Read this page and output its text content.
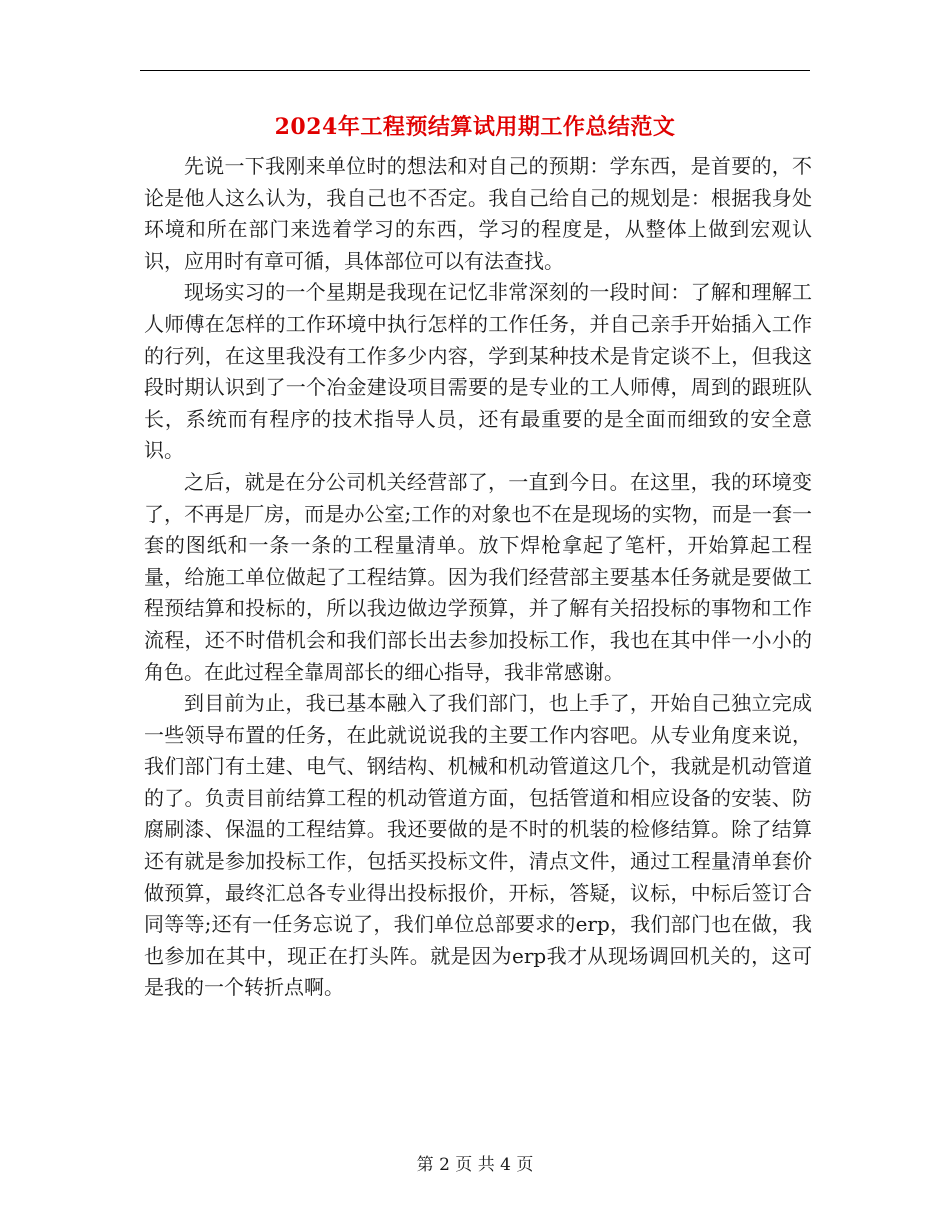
2024年工程预结算试用期工作总结范文

先说一下我刚来单位时的想法和对自己的预期：学东西，是首要的，不论是他人这么认为，我自己也不否定。我自己给自己的规划是：根据我身处环境和所在部门来选着学习的东西，学习的程度是，从整体上做到宏观认识，应用时有章可循，具体部位可以有法查找。

现场实习的一个星期是我现在记忆非常深刻的一段时间：了解和理解工人师傅在怎样的工作环境中执行怎样的工作任务，并自己亲手开始插入工作的行列，在这里我没有工作多少内容，学到某种技术是肯定谈不上，但我这段时期认识到了一个冶金建设项目需要的是专业的工人师傅，周到的跟班队长，系统而有程序的技术指导人员，还有最重要的是全面而细致的安全意识。

之后，就是在分公司机关经营部了，一直到今日。在这里，我的环境变了，不再是厂房，而是办公室;工作的对象也不在是现场的实物，而是一套一套的图纸和一条一条的工程量清单。放下焊枪拿起了笔杆，开始算起工程量，给施工单位做起了工程结算。因为我们经营部主要基本任务就是要做工程预结算和投标的，所以我边做边学预算，并了解有关招投标的事物和工作流程，还不时借机会和我们部长出去参加投标工作，我也在其中伴一小小的角色。在此过程全靠周部长的细心指导，我非常感谢。

到目前为止，我已基本融入了我们部门，也上手了，开始自己独立完成一些领导布置的任务，在此就说说我的主要工作内容吧。从专业角度来说，我们部门有土建、电气、钢结构、机械和机动管道这几个，我就是机动管道的了。负责目前结算工程的机动管道方面，包括管道和相应设备的安装、防腐刷漆、保温的工程结算。我还要做的是不时的机装的检修结算。除了结算还有就是参加投标工作，包括买投标文件，清点文件，通过工程量清单套价做预算，最终汇总各专业得出投标报价，开标，答疑，议标，中标后签订合同等等;还有一任务忘说了，我们单位总部要求的erp，我们部门也在做，我也参加在其中，现正在打头阵。就是因为erp我才从现场调回机关的，这可是我的一个转折点啊。

第 2 页 共 4 页
